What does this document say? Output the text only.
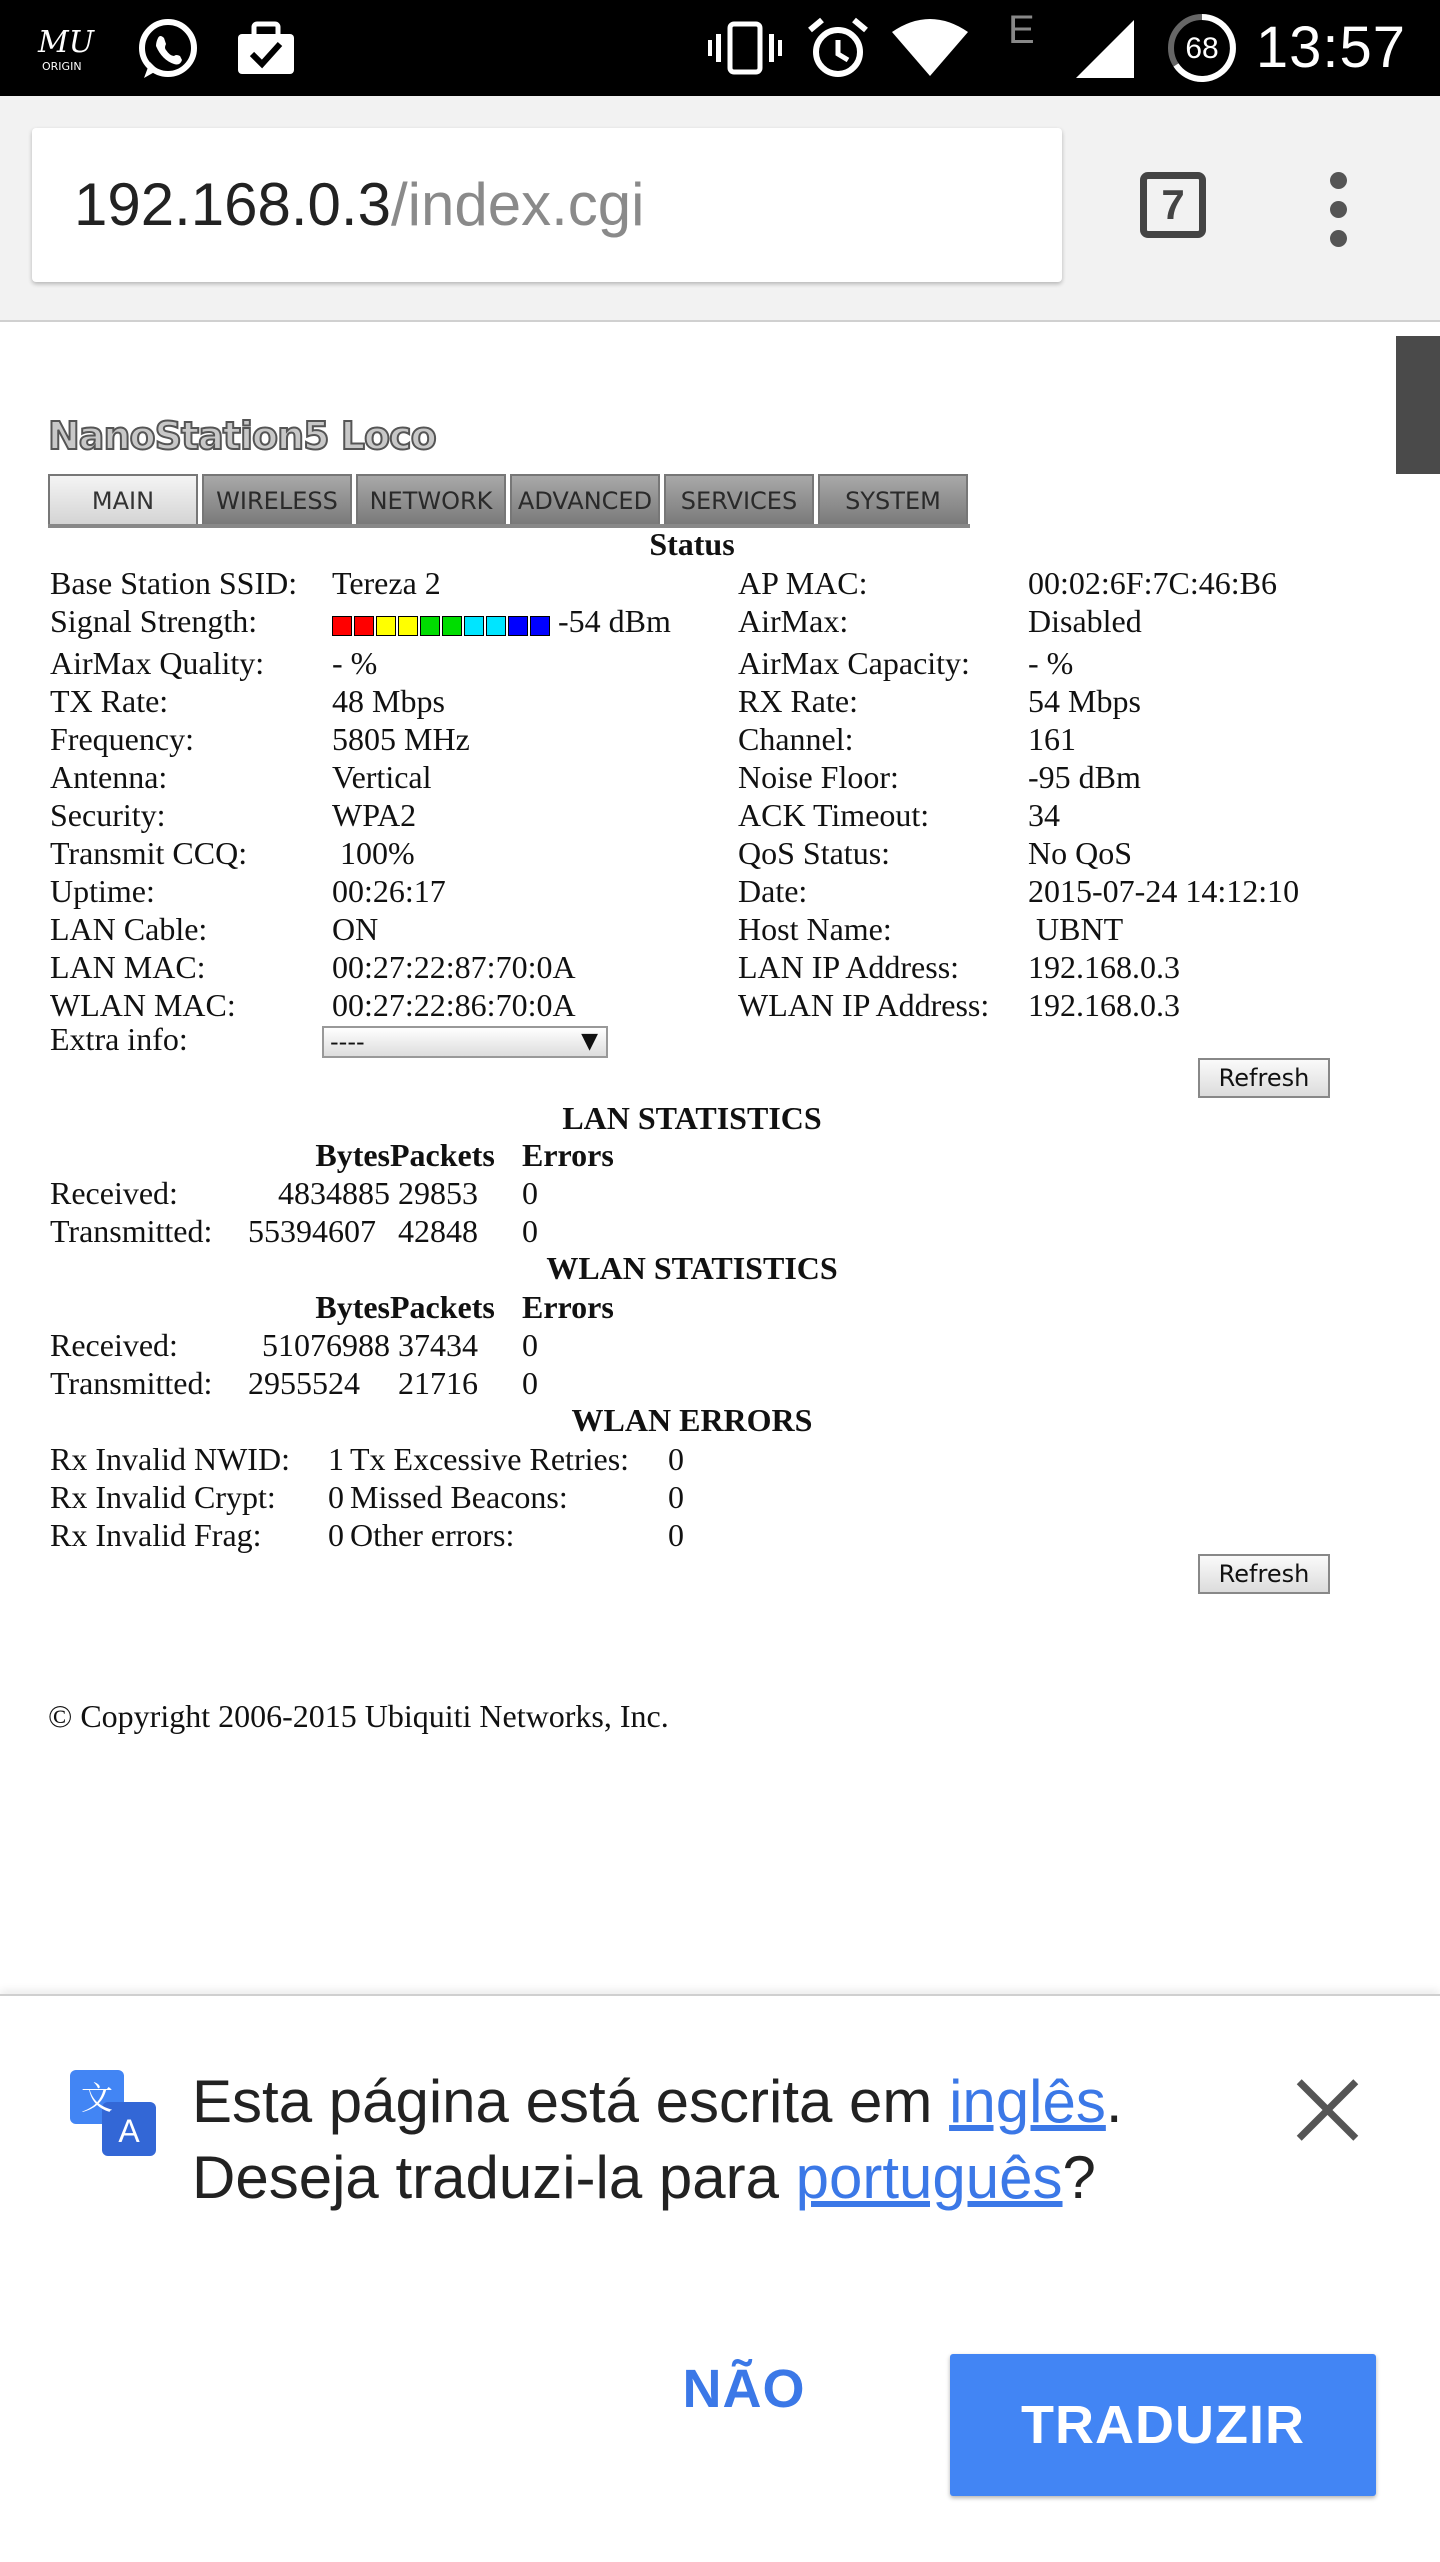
MU
ORIGIN
E	68 13:57
192.168.0.3/index.cgi	7
NanoStation5 Loco
MAIN	WIRELESS	NETWORK	ADVANCED	SERVICES	SYSTEM
Status
Base Station SSID:	Tereza 2	AP MAC:	00:02:6F:7C:46:B6
Signal Strength:	-54 dBm	AirMax:	Disabled
AirMax Quality:	- %	AirMax Capacity:	- %
TX Rate:	48 Mbps	RX Rate:	54 Mbps
Frequency:	5805 MHz	Channel:	161
Antenna:	Vertical	Noise Floor:	-95 dBm
Security:	WPA2	ACK Timeout:	34
Transmit CCQ:	100%	QoS Status:	No QoS
Uptime:	00:26:17	Date:	2015-07-24 14:12:10
LAN Cable:	ON	Host Name:	UBNT
LAN MAC:	00:27:22:87:70:0A	LAN IP Address:	192.168.0.3
WLAN MAC:	00:27:22:86:70:0A	WLAN IP Address:	192.168.0.3
Extra info:	----	▼
Refresh
LAN STATISTICS
	Bytes	Packets	Errors
Received:	4834885	29853	0
Transmitted:	55394607	42848	0
WLAN STATISTICS
	Bytes	Packets	Errors
Received:	51076988	37434	0
Transmitted:	2955524	21716	0
WLAN ERRORS
Rx Invalid NWID:	1	Tx Excessive Retries:	0
Rx Invalid Crypt:	0	Missed Beacons:	0
Rx Invalid Frag:	0	Other errors:	0
Refresh
© Copyright 2006-2015 Ubiquiti Networks, Inc.
文
A Esta página está escrita em inglês.
Deseja traduzi-la para português?
NÃO
TRADUZIR
